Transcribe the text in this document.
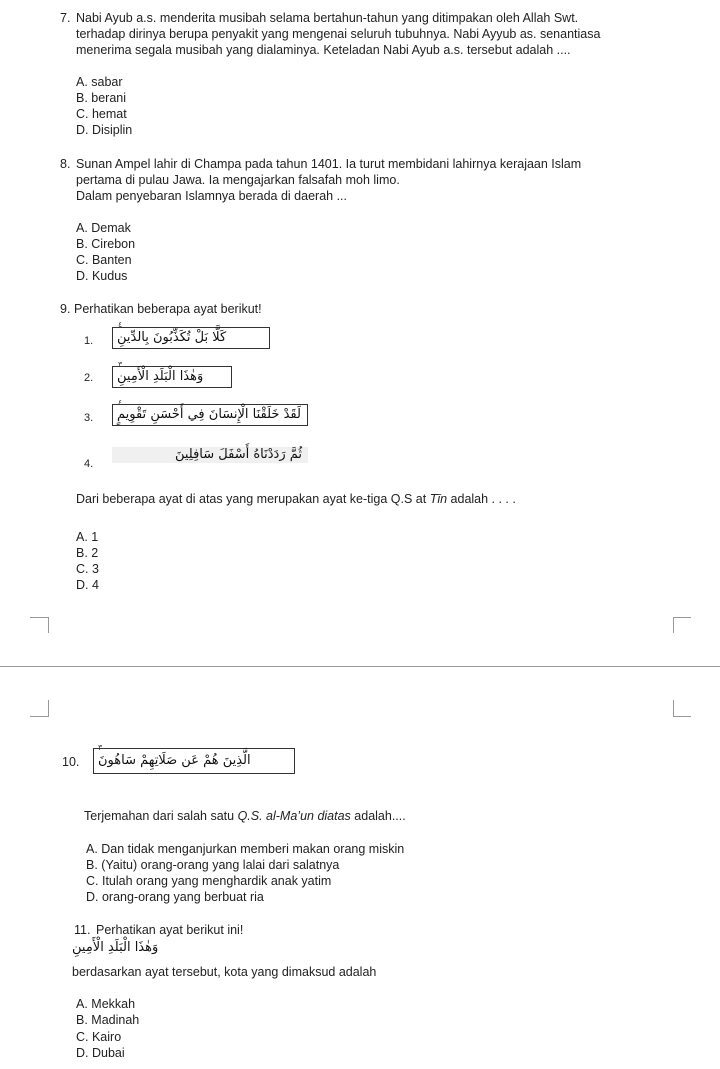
7. Nabi Ayub a.s. menderita musibah selama bertahun-tahun yang ditimpakan oleh Allah Swt.
terhadap dirinya berupa penyakit yang mengenai seluruh tubuhnya. Nabi Ayyub as. senantiasa
menerima segala musibah yang dialaminya. Keteladan Nabi Ayub a.s. tersebut adalah ....
A. sabar
B. berani
C. hemat
D. Disiplin
8. Sunan Ampel lahir di Champa pada tahun 1401. Ia turut membidani lahirnya kerajaan Islam
pertama di pulau Jawa. Ia mengajarkan falsafah moh limo.
Dalam penyebaran Islamnya berada di daerah ...
A. Demak
B. Cirebon
C. Banten
D. Kudus
9. Perhatikan beberapa ayat berikut!
1. كَلَّا بَلْ تُكَذِّبُونَ بِالدِّينِ
٤
2. وَهٰذَا الْبَلَدِ الْأَمِينِ
٣
3. لَقَدْ خَلَقْنَا الْإِنسَانَ فِي أَحْسَنِ تَقْوِيمٍ
٤
4.
ثُمَّ رَدَدْنَاهُ أَسْفَلَ سَافِلِينَ
Dari beberapa ayat di atas yang merupakan ayat ke-tiga Q.S at Tīn adalah . . . .
A. 1
B. 2
C. 3
D. 4
10. الَّذِينَ هُمْ عَن صَلَاتِهِمْ سَاهُونَ
٣
Terjemahan dari salah satu Q.S. al-Ma’un diatas adalah....
A. Dan tidak menganjurkan memberi makan orang miskin
B. (Yaitu) orang-orang yang lalai dari salatnya
C. Itulah orang yang menghardik anak yatim
D. orang-orang yang berbuat ria
11. Perhatikan ayat berikut ini!
وَهٰذَا الْبَلَدِ الْأَمِينِ
berdasarkan ayat tersebut, kota yang dimaksud adalah
A. Mekkah
B. Madinah
C. Kairo
D. Dubai
